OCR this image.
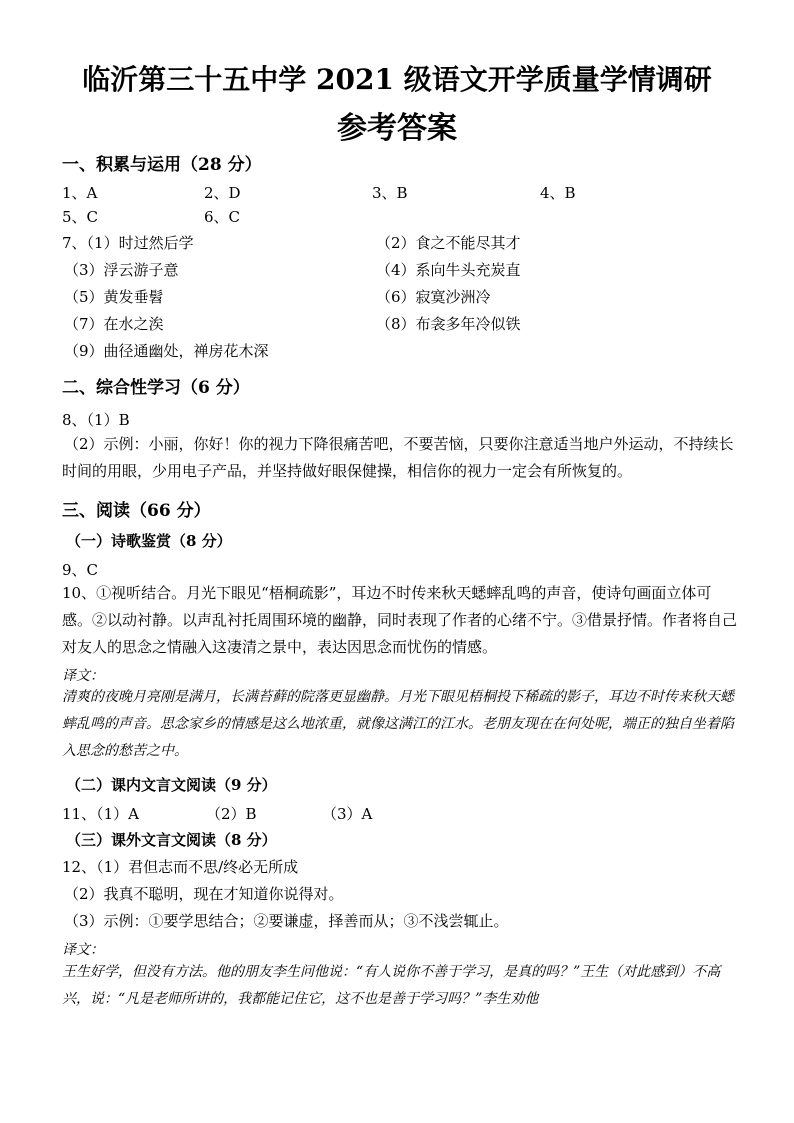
临沂第三十五中学 2021 级语文开学质量学情调研
参考答案
一、积累与运用（28 分）
1、A	2、D	3、B	4、B
5、C	6、C
7、（1）时过然后学	（2）食之不能尽其才
（3）浮云游子意	（4）系向牛头充炭直
（5）黄发垂髫	（6）寂寞沙洲冷
（7）在水之涘	（8）布衾多年冷似铁
（9）曲径通幽处，禅房花木深
二、综合性学习（6 分）
8、（1）B
（2）示例：小丽，你好！你的视力下降很痛苦吧，不要苦恼，只要你注意适当地户外运动，不持续长时间的用眼，少用电子产品，并坚持做好眼保健操，相信你的视力一定会有所恢复的。
三、阅读（66 分）
（一）诗歌鉴赏（8 分）
9、C
10、①视听结合。月光下眼见“梧桐疏影”，耳边不时传来秋天蟋蟀乱鸣的声音，使诗句画面立体可感。②以动衬静。以声乱衬托周围环境的幽静，同时表现了作者的心绪不宁。③借景抒情。作者将自己对友人的思念之情融入这凄清之景中，表达因思念而忧伤的情感。
译文：
清爽的夜晚月亮刚是满月，长满苔藓的院落更显幽静。月光下眼见梧桐投下稀疏的影子，耳边不时传来秋天蟋蟀乱鸣的声音。思念家乡的情感是这么地浓重，就像这满江的江水。老朋友现在在何处呢，端正的独自坐着陷入思念的愁苦之中。
（二）课内文言文阅读（9 分）
11、（1）A	（2）B	（3）A
（三）课外文言文阅读（8 分）
12、（1）君但志而不思/终必无所成
（2）我真不聪明，现在才知道你说得对。
（3）示例：①要学思结合；②要谦虚，择善而从；③不浅尝辄止。
译文：
王生好学，但没有方法。他的朋友李生问他说：“有人说你不善于学习，是真的吗？”王生（对此感到）不高兴，说：“凡是老师所讲的，我都能记住它，这不也是善于学习吗？”李生劝他
